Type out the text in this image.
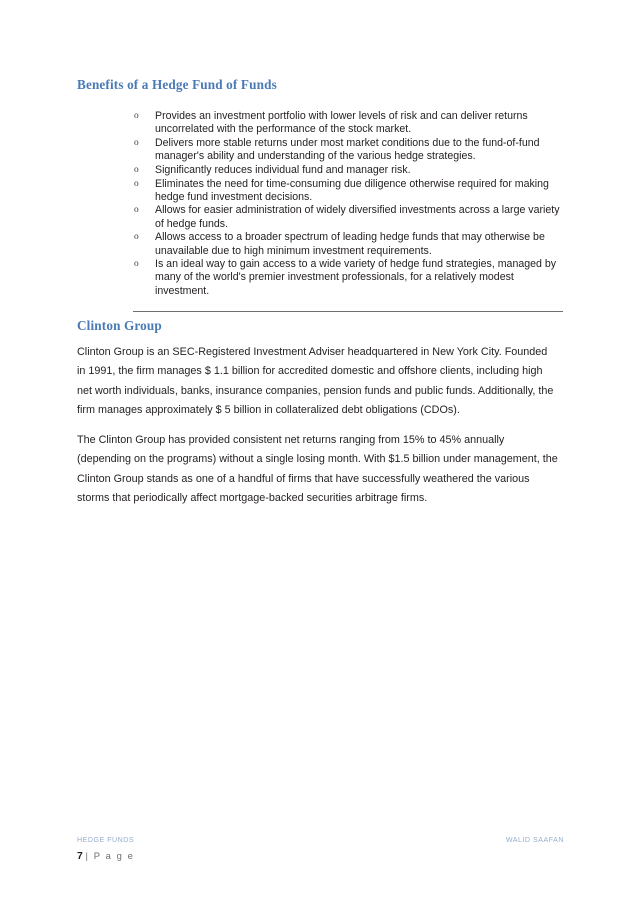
Benefits of a Hedge Fund of Funds
o Provides an investment portfolio with lower levels of risk and can deliver returns uncorrelated with the performance of the stock market.
o Delivers more stable returns under most market conditions due to the fund-of-fund manager's ability and understanding of the various hedge strategies.
o Significantly reduces individual fund and manager risk.
o Eliminates the need for time-consuming due diligence otherwise required for making hedge fund investment decisions.
o Allows for easier administration of widely diversified investments across a large variety of hedge funds.
o Allows access to a broader spectrum of leading hedge funds that may otherwise be unavailable due to high minimum investment requirements.
o Is an ideal way to gain access to a wide variety of hedge fund strategies, managed by many of the world's premier investment professionals, for a relatively modest investment.
Clinton Group

Clinton Group is an SEC-Registered Investment Adviser headquartered in New York City. Founded in 1991, the firm manages $ 1.1 billion for accredited domestic and offshore clients, including high net worth individuals, banks, insurance companies, pension funds and public funds. Additionally, the firm manages approximately $ 5 billion in collateralized debt obligations (CDOs).

The Clinton Group has provided consistent net returns ranging from 15% to 45% annually (depending on the programs) without a single losing month. With $1.5 billion under management, the Clinton Group stands as one of a handful of firms that have successfully weathered the various storms that periodically affect mortgage-backed securities arbitrage firms.

HEDGE FUNDS	WALID SAAFAN
7 | P a g e
